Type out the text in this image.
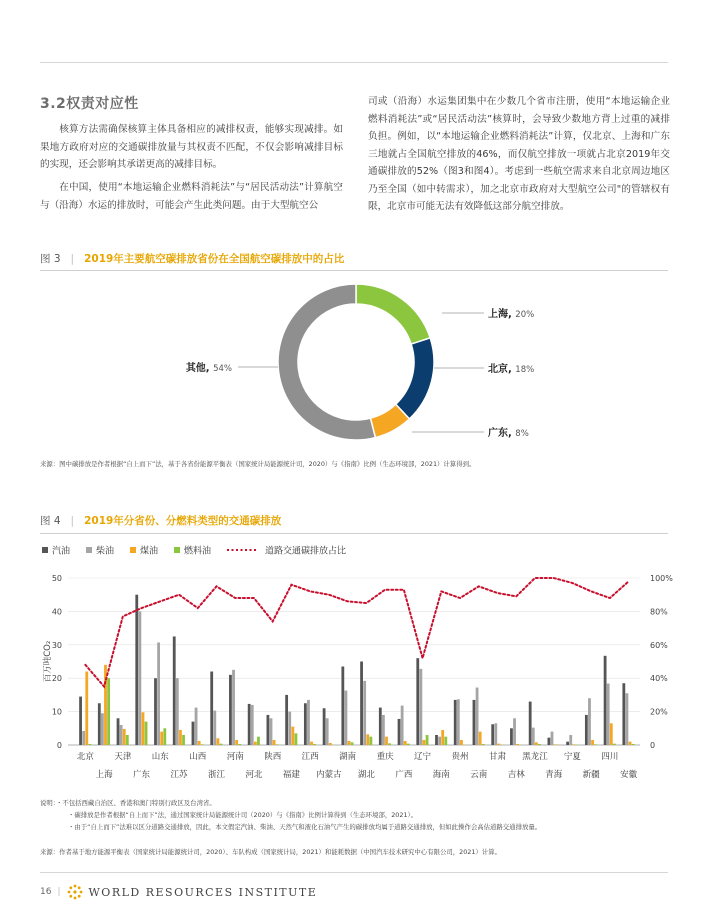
3.2权责对应性
核算方法需确保核算主体具备相应的减排权责，能够实现减排。如果地方政府对应的交通碳排放量与其权责不匹配，不仅会影响减排目标的实现，还会影响其承诺更高的减排目标。
在中国，使用“本地运输企业燃料消耗法”与“居民活动法”计算航空与（沿海）水运的排放时，可能会产生此类问题。由于大型航空公
司或（沿海）水运集团集中在少数几个省市注册，使用“本地运输企业燃料消耗法”或“居民活动法”核算时，会导致少数地方背上过重的减排负担。例如，以“本地运输企业燃料消耗法”计算，仅北京、上海和广东三地就占全国航空排放的46%，而仅航空排放一项就占北京2019年交通碳排放的52%（图3和图4）。考虑到一些航空需求来自北京周边地区乃至全国（如中转需求），加之北京市政府对大型航空公司"的管辖权有限，北京市可能无法有效降低这部分航空排放。
图 3 | 2019年主要航空碳排放省份在全国航空碳排放中的占比
上海, 20%
北京, 18%
广东, 8%
其他, 54%
来源：图中碳排放是作者根据“自上而下”法，基于各省份能源平衡表（国家统计局能源统计司，2020）与《指南》比例（生态环境部，2021）计算得到。
图 4 | 2019年分省份、分燃料类型的交通碳排放
汽油	柴油	煤油	燃料油	道路交通碳排放占比
0
10
20
30
40
50
0
20%
40%
60%
80%
100%
百万吨CO₂
北京
上海
天津
广东
山东
江苏
山西
浙江
河南
河北
陕西
福建
江西
内蒙古
湖南
湖北
重庆
广西
辽宁
海南
贵州
云南
甘肃
吉林
黑龙江
青海
宁夏
新疆
四川
安徽
说明：・不包括西藏自治区、香港和澳门特别行政区及台湾省。
・碳排放是作者根据“自上而下”法，通过国家统计局能源统计司（2020）与《指南》比例计算得到（生态环境部，2021）。
・由于“自上而下”法难以区分道路交通排放，因此，本文假定汽油、柴油、天然气和液化石油气产生的碳排放均属于道路交通排放，但如此操作会高估道路交通排放量。
来源：作者基于地方能源平衡表（国家统计局能源统计司，2020）、车队构成（国家统计局，2021）和能耗数据（中国汽车技术研究中心有限公司，2021）计算。
16 |	WORLD RESOURCES INSTITUTE
